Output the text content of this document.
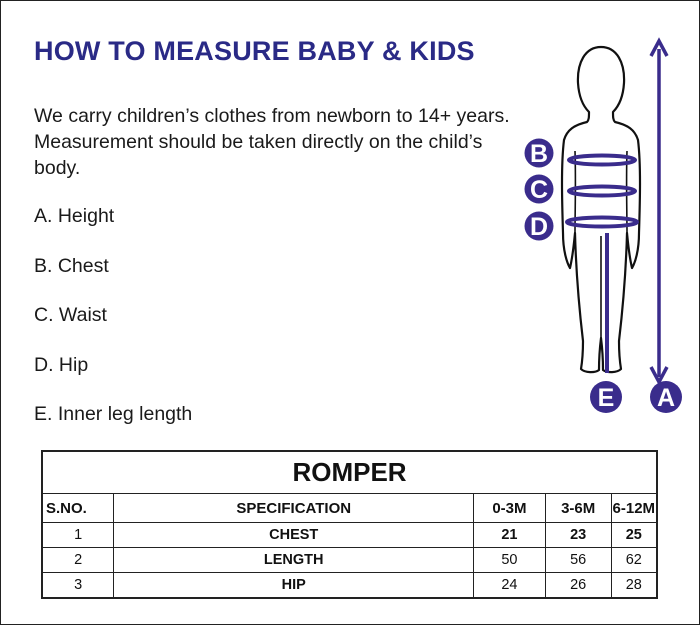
HOW TO MEASURE BABY & KIDS
We carry children’s clothes from newborn to 14+ years. Measurement should be taken directly on the child’s body.
A. Height
B. Chest
C. Waist
D. Hip
E. Inner leg length
B
C
D
E A
ROMPER				
S.NO.	SPECIFICATION	0-3M	3-6M	6-12M
1	CHEST	21	23	25
2	LENGTH	50	56	62
3	HIP	24	26	28
